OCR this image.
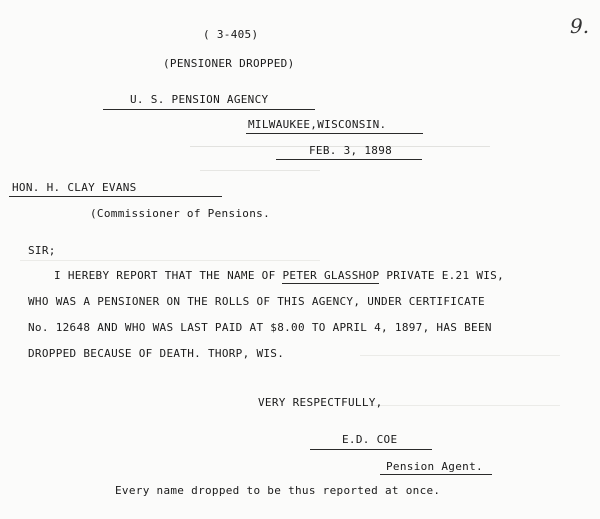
9.
( 3-405)
(PENSIONER DROPPED)
U. S. PENSION AGENCY
MILWAUKEE,WISCONSIN.
FEB. 3, 1898
HON. H. CLAY EVANS
(Commissioner of Pensions.
SIR;
I HEREBY REPORT THAT THE NAME OF PETER GLASSHOP PRIVATE E.21 WIS,
WHO WAS A PENSIONER ON THE ROLLS OF THIS AGENCY, UNDER CERTIFICATE
No. 12648 AND WHO WAS LAST PAID AT $8.00 TO APRIL 4, 1897, HAS BEEN
DROPPED BECAUSE OF DEATH. THORP, WIS.
VERY RESPECTFULLY,
E.D. COE
Pension Agent.
Every name dropped to be thus reported at once.
